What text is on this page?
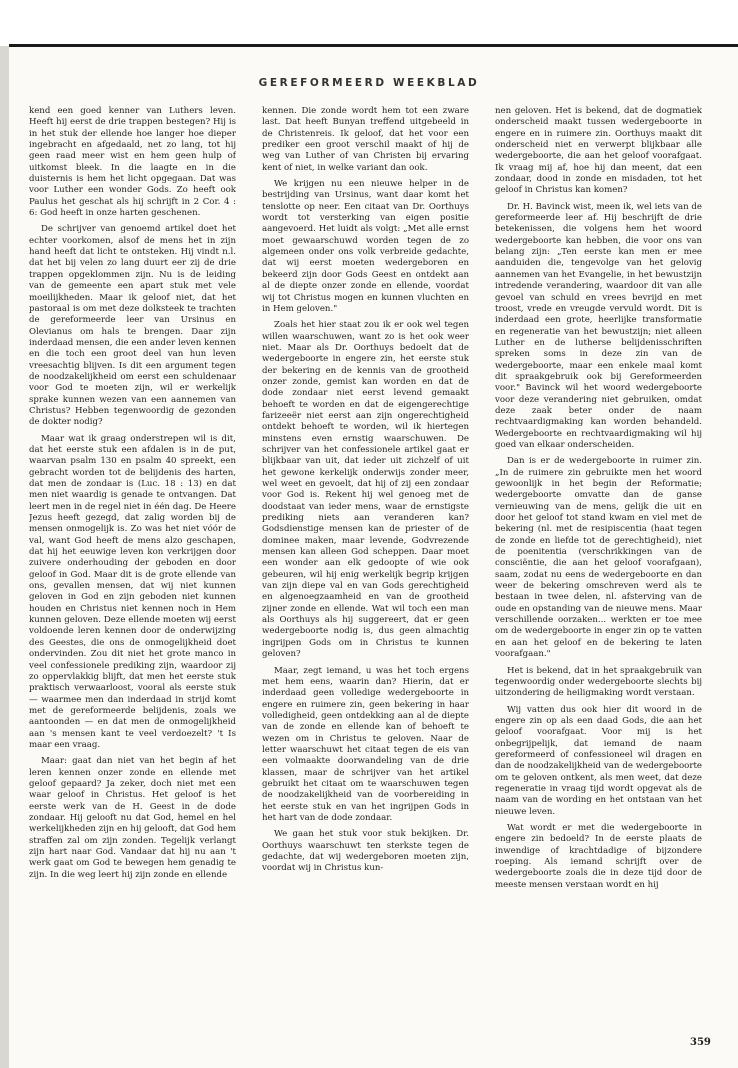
GEREFORMEERD WEEKBLAD

kend een goed kenner van Luthers leven. Heeft hij eerst de drie trappen bestegen? Hij is in het stuk der ellende hoe langer hoe dieper ingebracht en afgedaald, net zo lang, tot hij geen raad meer wist en hem geen hulp of uitkomst bleek. In die laagte en in die duisternis is hem het licht opgegaan. Dat was voor Luther een wonder Gods. Zo heeft ook Paulus het geschat als hij schrijft in 2 Cor. 4 : 6: God heeft in onze harten geschenen.

De schrijver van genoemd artikel doet het echter voorkomen, alsof de mens het in zijn hand heeft dat licht te ontsteken. Hij vindt n.l. dat het bij velen zo lang duurt eer zij de drie trappen opgeklommen zijn. Nu is de leiding van de gemeente een apart stuk met vele moeilijkheden. Maar ik geloof niet, dat het pastoraal is om met deze dolksteek te trachten de gereformeerde leer van Ursinus en Olevianus om hals te brengen. Daar zijn inderdaad mensen, die een ander leven kennen en die toch een groot deel van hun leven vreesachtig blijven. Is dit een argument tegen de noodzakelijkheid om eerst een schuldenaar voor God te moeten zijn, wil er werkelijk sprake kunnen wezen van een aannemen van Christus? Hebben tegenwoordig de gezonden de dokter nodig?

Maar wat ik graag onderstrepen wil is dit, dat het eerste stuk een afdalen is in de put, waarvan psalm 130 en psalm 40 spreekt, een gebracht worden tot de belijdenis des harten, dat men de zondaar is (Luc. 18 : 13) en dat men niet waardig is genade te ontvangen. Dat leert men in de regel niet in één dag. De Heere Jezus heeft gezegd, dat zalig worden bij de mensen onmogelijk is. Zo was het niet vóór de val, want God heeft de mens alzo geschapen, dat hij het eeuwige leven kon verkrijgen door zuivere onderhouding der geboden en door geloof in God. Maar dit is de grote ellende van ons, gevallen mensen, dat wij niet kunnen geloven in God en zijn geboden niet kunnen houden en Christus niet kennen noch in Hem kunnen geloven. Deze ellende moeten wij eerst voldoende leren kennen door de onderwijzing des Geestes, die ons de onmogelijkheid doet ondervinden. Zou dit niet het grote manco in veel confessionele prediking zijn, waardoor zij zo oppervlakkig blijft, dat men het eerste stuk praktisch verwaarloost, vooral als eerste stuk — waarmee men dan inderdaad in strijd komt met de gereformeerde belijdenis, zoals we aantoonden — en dat men de onmogelijkheid aan 's mensen kant te veel verdoezelt? 't Is maar een vraag.

Maar: gaat dan niet van het begin af het leren kennen onzer zonde en ellende met geloof gepaard? Ja zeker, doch niet met een waar geloof in Christus. Het geloof is het eerste werk van de H. Geest in de dode zondaar. Hij gelooft nu dat God, hemel en hel werkelijkheden zijn en hij gelooft, dat God hem straffen zal om zijn zonden. Tegelijk verlangt zijn hart naar God. Vandaar dat hij nu aan 't werk gaat om God te bewegen hem genadig te zijn. In die weg leert hij zijn zonde en ellende

kennen. Die zonde wordt hem tot een zware last. Dat heeft Bunyan treffend uitgebeeld in de Christenreis. Ik geloof, dat het voor een prediker een groot verschil maakt of hij de weg van Luther of van Christen bij ervaring kent of niet, in welke variant dan ook.

We krijgen nu een nieuwe helper in de bestrijding van Ursinus, want daar komt het tenslotte op neer. Een citaat van Dr. Oorthuys wordt tot versterking van eigen positie aangevoerd. Het luidt als volgt: „Met alle ernst moet gewaarschuwd worden tegen de zo algemeen onder ons volk verbreide gedachte, dat wij eerst moeten wedergeboren en bekeerd zijn door Gods Geest en ontdekt aan al de diepte onzer zonde en ellende, voordat wij tot Christus mogen en kunnen vluchten en in Hem geloven."

Zoals het hier staat zou ik er ook wel tegen willen waarschuwen, want zo is het ook weer niet. Maar als Dr. Oorthuys bedoelt dat de wedergeboorte in engere zin, het eerste stuk der bekering en de kennis van de grootheid onzer zonde, gemist kan worden en dat de dode zondaar niet eerst levend gemaakt behoeft te worden en dat de eigengerechtige farizeeër niet eerst aan zijn ongerechtigheid ontdekt behoeft te worden, wil ik hiertegen minstens even ernstig waarschuwen. De schrijver van het confessionele artikel gaat er blijkbaar van uit, dat ieder uit zichzelf of uit het gewone kerkelijk onderwijs zonder meer, wel weet en gevoelt, dat hij of zij een zondaar voor God is. Rekent hij wel genoeg met de doodstaat van ieder mens, waar de ernstigste prediking niets aan veranderen kan? Godsdienstige mensen kan de priester of de dominee maken, maar levende, Godvrezende mensen kan alleen God scheppen. Daar moet een wonder aan elk gedoopte of wie ook gebeuren, wil hij enig werkelijk begrip krijgen van zijn diepe val en van Gods gerechtigheid en algenoegzaamheid en van de grootheid zijner zonde en ellende. Wat wil toch een man als Oorthuys als hij suggereert, dat er geen wedergeboorte nodig is, dus geen almachtig ingrijpen Gods om in Christus te kunnen geloven?

Maar, zegt iemand, u was het toch ergens met hem eens, waarin dan? Hierin, dat er inderdaad geen volledige wedergeboorte in engere en ruimere zin, geen bekering in haar volledigheid, geen ontdekking aan al de diepte van de zonde en ellende kan of behoeft te wezen om in Christus te geloven. Naar de letter waarschuwt het citaat tegen de eis van een volmaakte doorwandeling van de drie klassen, maar de schrijver van het artikel gebruikt het citaat om te waarschuwen tegen de noodzakelijkheid van de voorbereiding in het eerste stuk en van het ingrijpen Gods in het hart van de dode zondaar.

We gaan het stuk voor stuk bekijken. Dr. Oorthuys waarschuwt ten sterkste tegen de gedachte, dat wij wedergeboren moeten zijn, voordat wij in Christus kun-

nen geloven. Het is bekend, dat de dogmatiek onderscheid maakt tussen wedergeboorte in engere en in ruimere zin. Oorthuys maakt dit onderscheid niet en verwerpt blijkbaar alle wedergeboorte, die aan het geloof voorafgaat. Ik vraag mij af, hoe hij dan meent, dat een zondaar, dood in zonde en misdaden, tot het geloof in Christus kan komen?

Dr. H. Bavinck wist, meen ik, wel iets van de gereformeerde leer af. Hij beschrijft de drie betekenissen, die volgens hem het woord wedergeboorte kan hebben, die voor ons van belang zijn: „Ten eerste kan men er mee aanduiden die, tengevolge van het gelovig aannemen van het Evangelie, in het bewustzijn intredende verandering, waardoor dit van alle gevoel van schuld en vrees bevrijd en met troost, vrede en vreugde vervuld wordt. Dit is inderdaad een grote, heerlijke transformatie en regeneratie van het bewustzijn; niet alleen Luther en de lutherse belijdenisschriften spreken soms in deze zin van de wedergeboorte, maar een enkele maal komt dit spraakgebruik ook bij Gereformeerden voor." Bavinck wil het woord wedergeboorte voor deze verandering niet gebruiken, omdat deze zaak beter onder de naam rechtvaardigmaking kan worden behandeld. Wedergeboorte en rechtvaardigmaking wil hij goed van elkaar onderscheiden.

Dan is er de wedergeboorte in ruimer zin. „In de ruimere zin gebruikte men het woord gewoonlijk in het begin der Reformatie; wedergeboorte omvatte dan de ganse vernieuwing van de mens, gelijk die uit en door het geloof tot stand kwam en viel met de bekering (nl. met de resipiscentia (haat tegen de zonde en liefde tot de gerechtigheid), niet de poenitentia (verschrikkingen van de consciëntie, die aan het geloof voorafgaan), saam, zodat nu eens de wedergeboorte en dan weer de bekering omschreven werd als te bestaan in twee delen, nl. afsterving van de oude en opstanding van de nieuwe mens. Maar verschillende oorzaken... werkten er toe mee om de wedergeboorte in enger zin op te vatten en aan het geloof en de bekering te laten voorafgaan."

Het is bekend, dat in het spraakgebruik van tegenwoordig onder wedergeboorte slechts bij uitzondering de heiligmaking wordt verstaan.

Wij vatten dus ook hier dit woord in de engere zin op als een daad Gods, die aan het geloof voorafgaat. Voor mij is het onbegrijpelijk, dat iemand de naam gereformeerd of confessioneel wil dragen en dan de noodzakelijkheid van de wedergeboorte om te geloven ontkent, als men weet, dat deze regeneratie in vraag tijd wordt opgevat als de naam van de wording en het ontstaan van het nieuwe leven.

Wat wordt er met die wedergeboorte in engere zin bedoeld? In de eerste plaats de inwendige of krachtdadige of bijzondere roeping. Als iemand schrijft over de wedergeboorte zoals die in deze tijd door de meeste mensen verstaan wordt en hij

359
